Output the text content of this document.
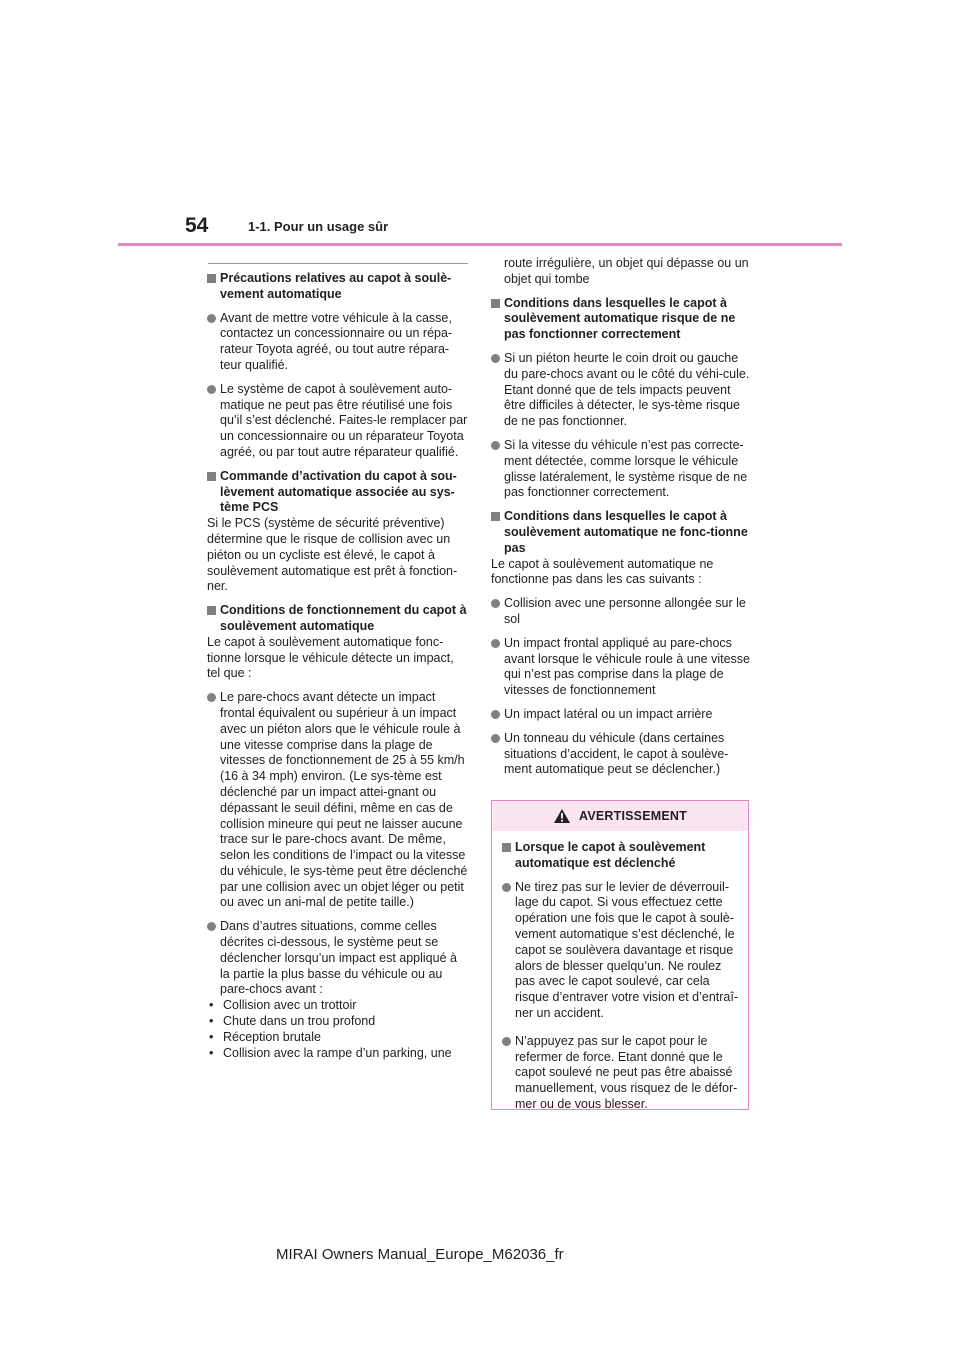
54	1-1. Pour un usage sûr
Précautions relatives au capot à soulè-vement automatique
Avant de mettre votre véhicule à la casse, contactez un concessionnaire ou un répa-rateur Toyota agréé, ou tout autre répara-teur qualifié.
Le système de capot à soulèvement auto-matique ne peut pas être réutilisé une fois qu’il s’est déclenché. Faites-le remplacer par un concessionnaire ou un réparateur Toyota agréé, ou par tout autre réparateur qualifié.
Commande d’activation du capot à sou-lèvement automatique associée au sys-tème PCS
Si le PCS (système de sécurité préventive) détermine que le risque de collision avec un piéton ou un cycliste est élevé, le capot à soulèvement automatique est prêt à fonction-ner.
Conditions de fonctionnement du capot à soulèvement automatique
Le capot à soulèvement automatique fonc-tionne lorsque le véhicule détecte un impact, tel que :
Le pare-chocs avant détecte un impact frontal équivalent ou supérieur à un impact avec un piéton alors que le véhicule roule à une vitesse comprise dans la plage de vitesses de fonctionnement de 25 à 55 km/h (16 à 34 mph) environ. (Le sys-tème est déclenché par un impact attei-gnant ou dépassant le seuil défini, même en cas de collision mineure qui peut ne laisser aucune trace sur le pare-chocs avant. De même, selon les conditions de l’impact ou la vitesse du véhicule, le sys-tème peut être déclenché par une collision avec un objet léger ou petit ou avec un ani-mal de petite taille.)
Dans d’autres situations, comme celles décrites ci-dessous, le système peut se déclencher lorsqu’un impact est appliqué à la partie la plus basse du véhicule ou au pare-chocs avant :
• Collision avec un trottoir
• Chute dans un trou profond
• Réception brutale
• Collision avec la rampe d’un parking, une
route irrégulière, un objet qui dépasse ou un objet qui tombe
Conditions dans lesquelles le capot à soulèvement automatique risque de ne pas fonctionner correctement
Si un piéton heurte le coin droit ou gauche du pare-chocs avant ou le côté du véhi-cule. Etant donné que de tels impacts peuvent être difficiles à détecter, le sys-tème risque de ne pas fonctionner.
Si la vitesse du véhicule n’est pas correcte-ment détectée, comme lorsque le véhicule glisse latéralement, le système risque de ne pas fonctionner correctement.
Conditions dans lesquelles le capot à soulèvement automatique ne fonc-tionne pas
Le capot à soulèvement automatique ne fonctionne pas dans les cas suivants :
Collision avec une personne allongée sur le sol
Un impact frontal appliqué au pare-chocs avant lorsque le véhicule roule à une vitesse qui n’est pas comprise dans la plage de vitesses de fonctionnement
Un impact latéral ou un impact arrière
Un tonneau du véhicule (dans certaines situations d’accident, le capot à soulève-ment automatique peut se déclencher.)
AVERTISSEMENT
Lorsque le capot à soulèvement automatique est déclenché
Ne tirez pas sur le levier de déverrouil-lage du capot. Si vous effectuez cette opération une fois que le capot à soulè-vement automatique s’est déclenché, le capot se soulèvera davantage et risque alors de blesser quelqu’un. Ne roulez pas avec le capot soulevé, car cela risque d’entraver votre vision et d’entraî-ner un accident.
N’appuyez pas sur le capot pour le refermer de force. Etant donné que le capot soulevé ne peut pas être abaissé manuellement, vous risquez de le défor-mer ou de vous blesser.
MIRAI Owners Manual_Europe_M62036_fr
